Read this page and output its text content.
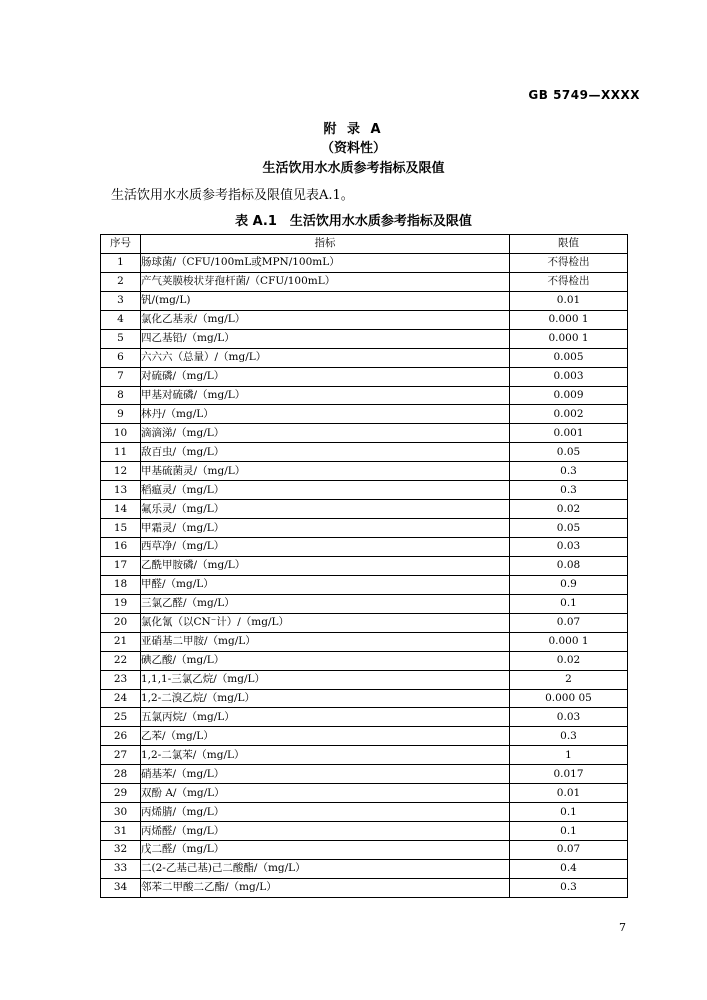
GB 5749—XXXX
附 录 A
（资料性）
生活饮用水水质参考指标及限值
生活饮用水水质参考指标及限值见表A.1。
表 A.1　生活饮用水水质参考指标及限值
序号	指标	限值
1	肠球菌/（CFU/100mL或MPN/100mL）	不得检出
2	产气荚膜梭状芽孢杆菌/（CFU/100mL）	不得检出
3	钒/(mg/L)	0.01
4	氯化乙基汞/（mg/L）	0.000 1
5	四乙基铅/（mg/L）	0.000 1
6	六六六（总量）/（mg/L）	0.005
7	对硫磷/（mg/L）	0.003
8	甲基对硫磷/（mg/L）	0.009
9	林丹/（mg/L）	0.002
10	滴滴涕/（mg/L）	0.001
11	敌百虫/（mg/L）	0.05
12	甲基硫菌灵/（mg/L）	0.3
13	稻瘟灵/（mg/L）	0.3
14	氟乐灵/（mg/L）	0.02
15	甲霜灵/（mg/L）	0.05
16	西草净/（mg/L）	0.03
17	乙酰甲胺磷/（mg/L）	0.08
18	甲醛/（mg/L）	0.9
19	三氯乙醛/（mg/L）	0.1
20	氯化氰（以CN⁻计）/（mg/L）	0.07
21	亚硝基二甲胺/（mg/L）	0.000 1
22	碘乙酸/（mg/L）	0.02
23	1,1,1-三氯乙烷/（mg/L）	2
24	1,2-二溴乙烷/（mg/L）	0.000 05
25	五氯丙烷/（mg/L）	0.03
26	乙苯/（mg/L）	0.3
27	1,2-二氯苯/（mg/L）	1
28	硝基苯/（mg/L）	0.017
29	双酚 A/（mg/L）	0.01
30	丙烯腈/（mg/L）	0.1
31	丙烯醛/（mg/L）	0.1
32	戊二醛/（mg/L）	0.07
33	二(2-乙基己基)己二酸酯/（mg/L）	0.4
34	邻苯二甲酸二乙酯/（mg/L）	0.3
7
